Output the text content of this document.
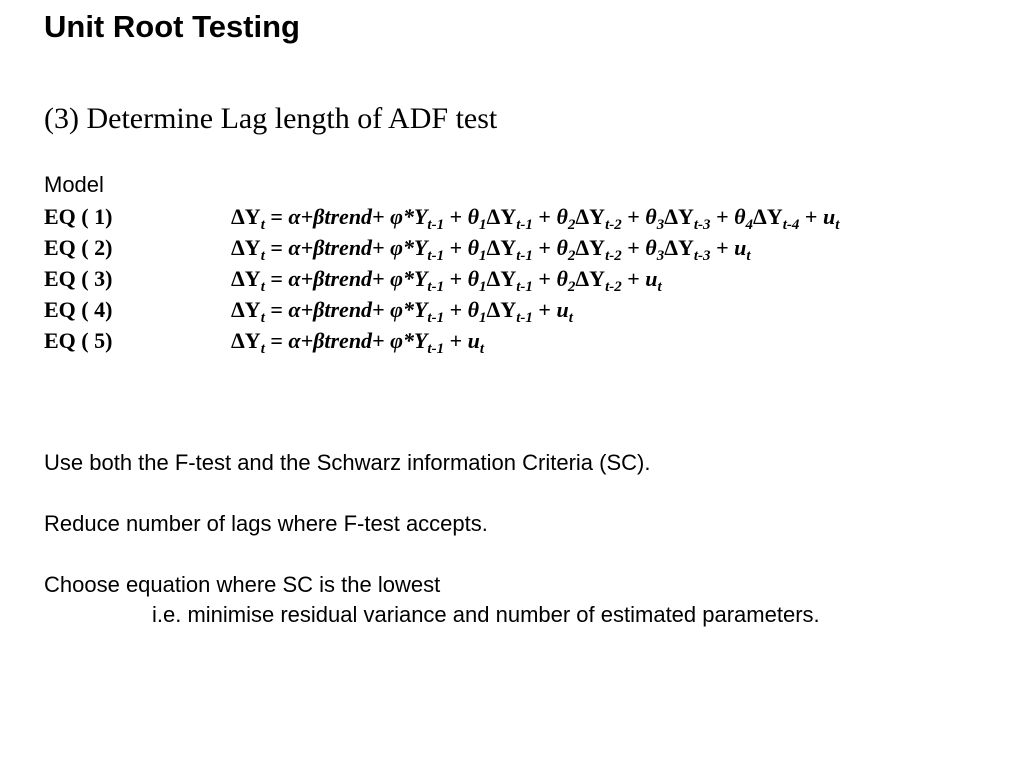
Unit Root Testing
(3) Determine Lag length of ADF test
Model
EQ ( 1)	$\Delta Y_t$ = α+βtrend+ $\varphi*Y_{t-1} + \theta_1\Delta Y_{t-1} + \theta_2\Delta Y_{t-2} + \theta_3\Delta Y_{t-3} + \theta_4\Delta Y_{t-4} + u_t$
EQ ( 2)	$\Delta Y_t$ = α+βtrend+ $\varphi*Y_{t-1} + \theta_1\Delta Y_{t-1} + \theta_2\Delta Y_{t-2} + \theta_3\Delta Y_{t-3} + u_t$
EQ ( 3)	$\Delta Y_t$ = α+βtrend+ $\varphi*Y_{t-1} + \theta_1\Delta Y_{t-1} + \theta_2\Delta Y_{t-2} + u_t$
EQ ( 4)	$\Delta Y_t$ = α+βtrend+ $\varphi*Y_{t-1} + \theta_1\Delta Y_{t-1} + u_t$
EQ ( 5)	$\Delta Y_t$ = α+βtrend+ $\varphi*Y_{t-1} + u_t$
Use both the F-test and the Schwarz information Criteria (SC).
Reduce number of lags where F-test accepts.
Choose equation where SC is the lowest
i.e. minimise residual variance and number of estimated parameters.
